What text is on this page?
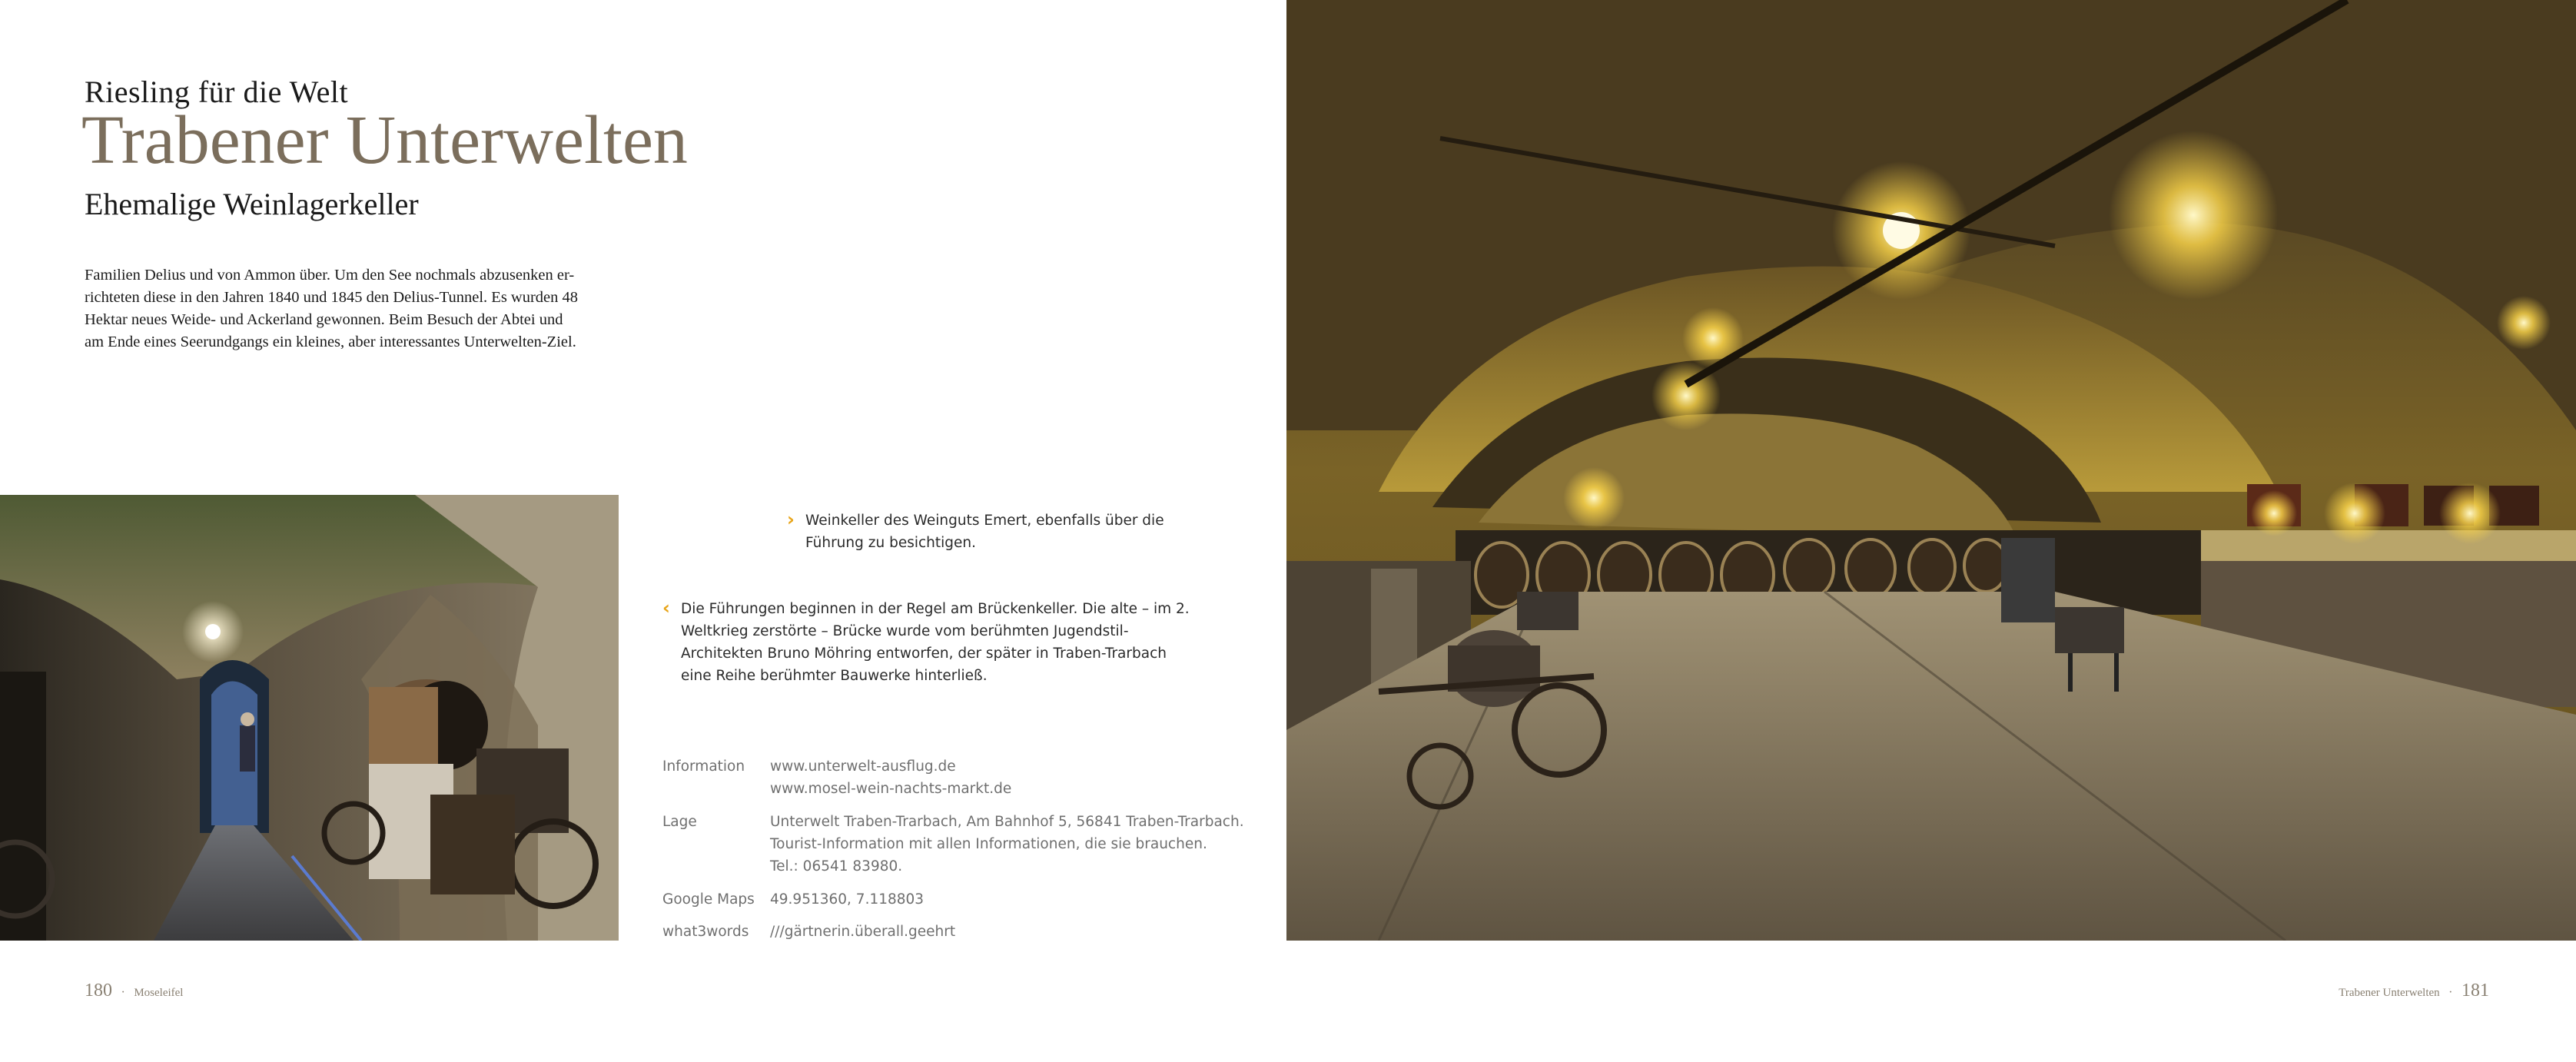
Riesling für die Welt
Trabener Unterwelten
Ehemalige Weinlagerkeller

Familien Delius und von Ammon über. Um den See nochmals abzusenken er-

richteten diese in den Jahren 1840 und 1845 den Delius-Tunnel. Es wurden 48

Hektar neues Weide- und Ackerland gewonnen. Beim Besuch der Abtei und

am Ende eines Seerundgangs ein kleines, aber interessantes Unterwelten-Ziel.

› Weinkeller des Weinguts Emert, ebenfalls über die Führung zu besichtigen.
‹ Die Führungen beginnen in der Regel am Brückenkeller. Die alte – im 2. Weltkrieg zerstörte – Brücke wurde vom berühmten Jugendstil-Architekten Bruno Möhring entworfen, der später in Traben-Trarbach eine Reihe berühmter Bauwerke hinterließ.
Information	www.unterwelt-ausflug.de
www.mosel-wein-nachts-markt.de
Lage	Unterwelt Traben-Trarbach, Am Bahnhof 5, 56841 Traben-Trarbach.
Tourist-Information mit allen Informationen, die sie brauchen.
Tel.: 06541 83980.
Google Maps	49.951360, 7.118803
what3words	///gärtnerin.überall.geehrt
180 · Moseleifel	Trabener Unterwelten · 181
